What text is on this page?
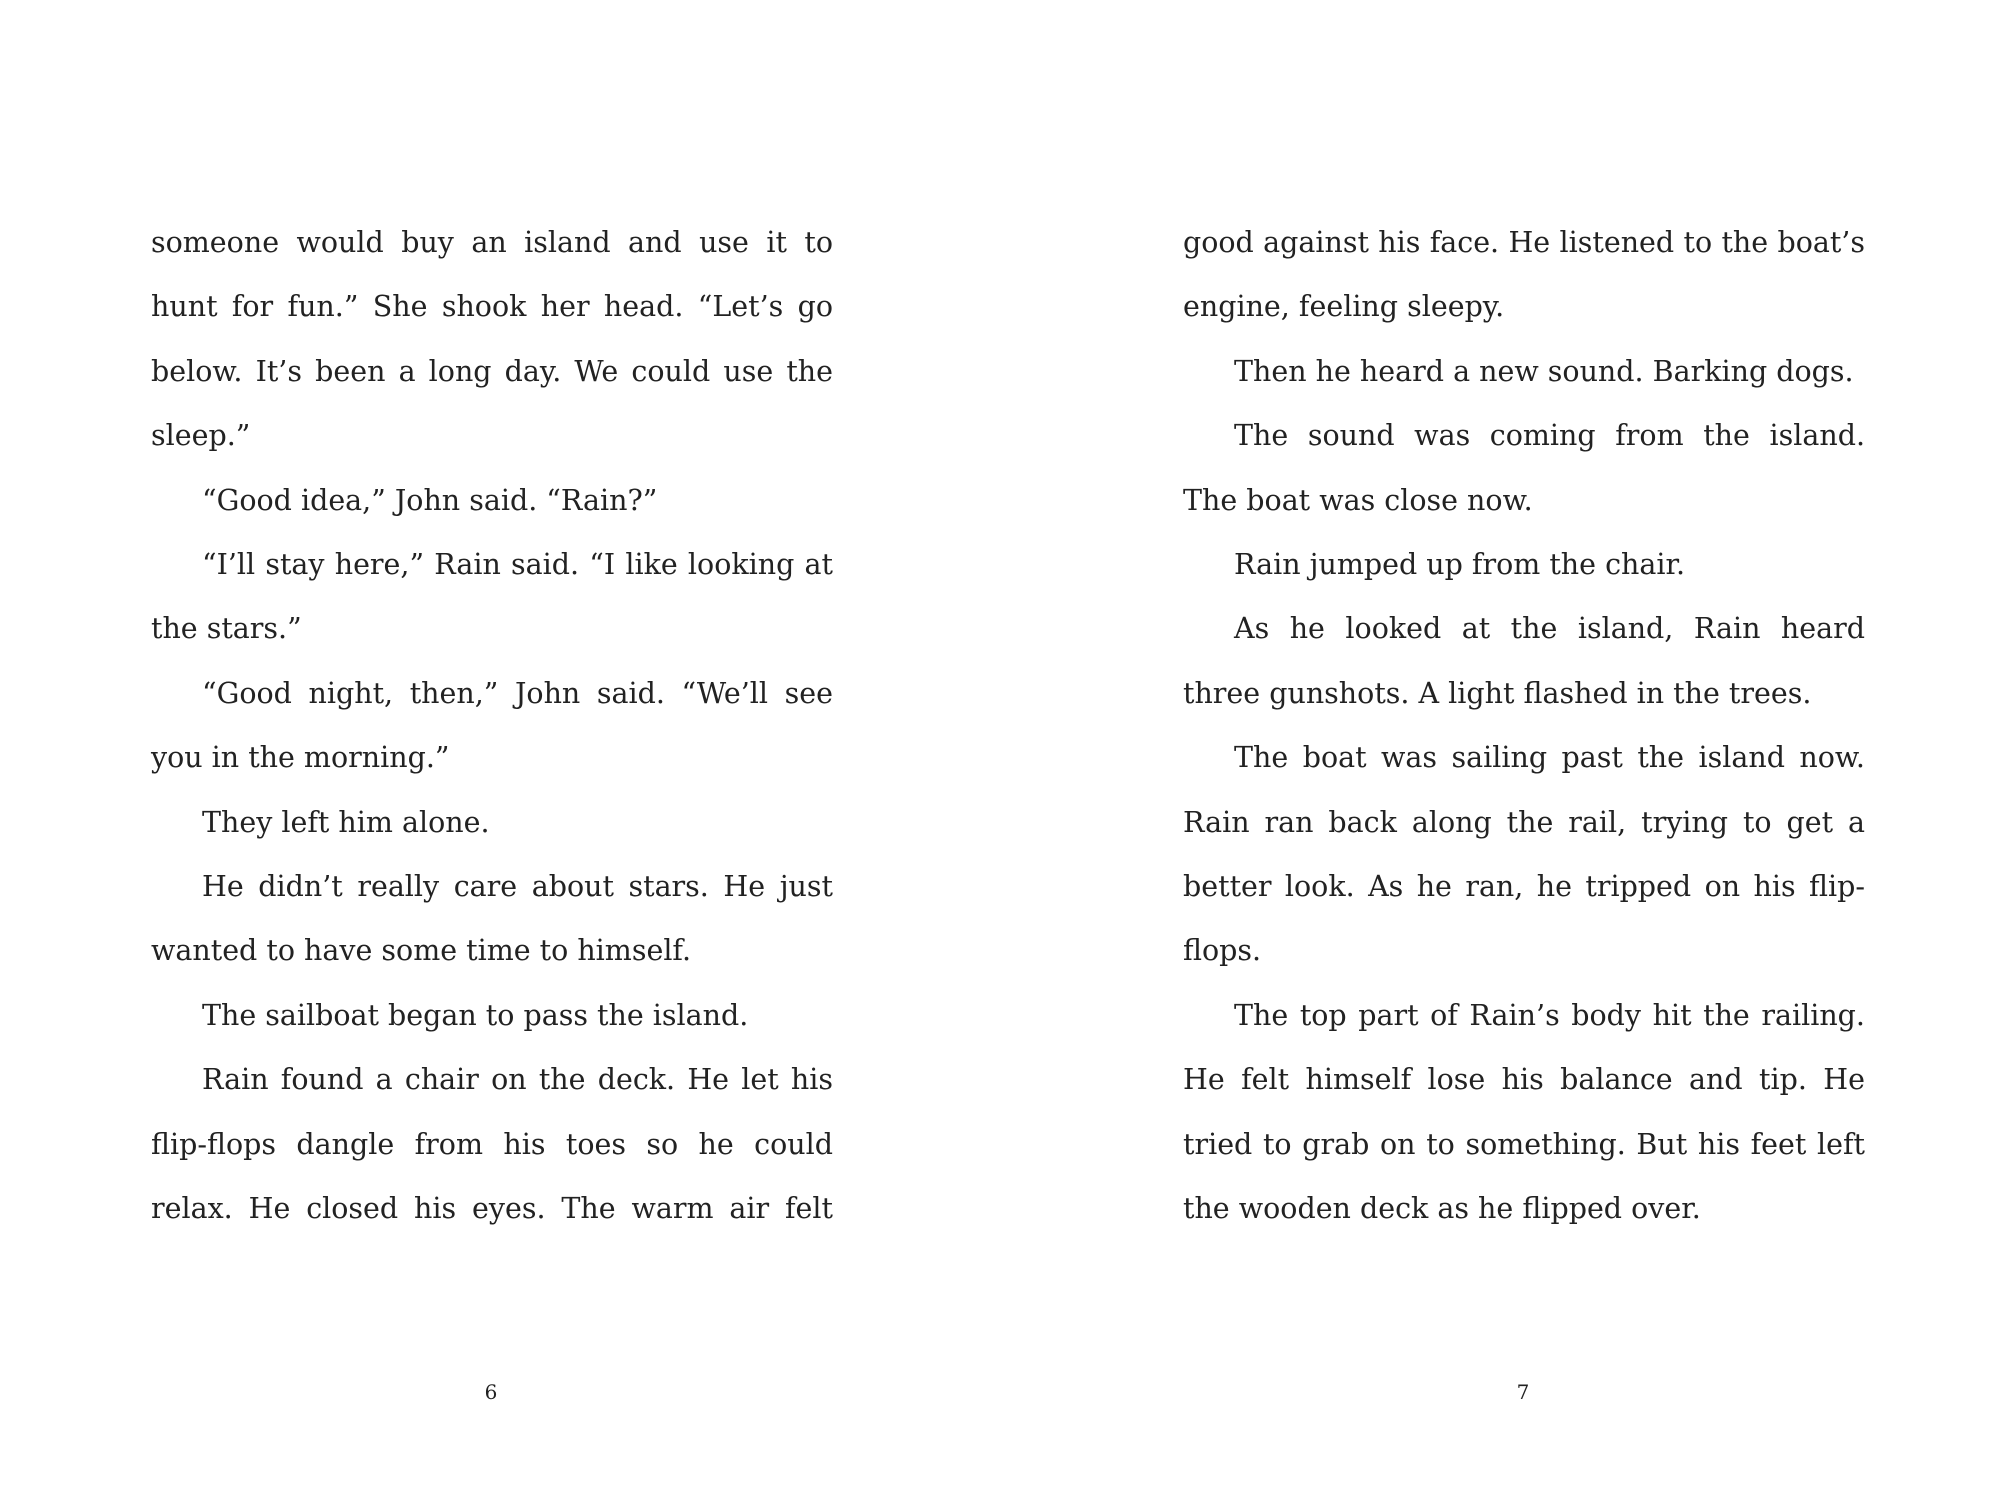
someone would buy an island and use it to hunt for fun.” She shook her head. “Let’s go below. It’s been a long day. We could use the sleep.”

“Good idea,” John said. “Rain?”

“I’ll stay here,” Rain said. “I like looking at the stars.”

“Good night, then,” John said. “We’ll see you in the morning.”

They left him alone.

He didn’t really care about stars. He just wanted to have some time to himself.

The sailboat began to pass the island.

Rain found a chair on the deck. He let his flip-flops dangle from his toes so he could relax. He closed his eyes. The warm air felt

6

good against his face. He listened to the boat’s engine, feeling sleepy.

Then he heard a new sound. Barking dogs.

The sound was coming from the island. The boat was close now.

Rain jumped up from the chair.

As he looked at the island, Rain heard three gunshots. A light flashed in the trees.

The boat was sailing past the island now. Rain ran back along the rail, trying to get a better look. As he ran, he tripped on his flip-flops.

The top part of Rain’s body hit the railing. He felt himself lose his balance and tip. He tried to grab on to something. But his feet left the wooden deck as he flipped over.

7
